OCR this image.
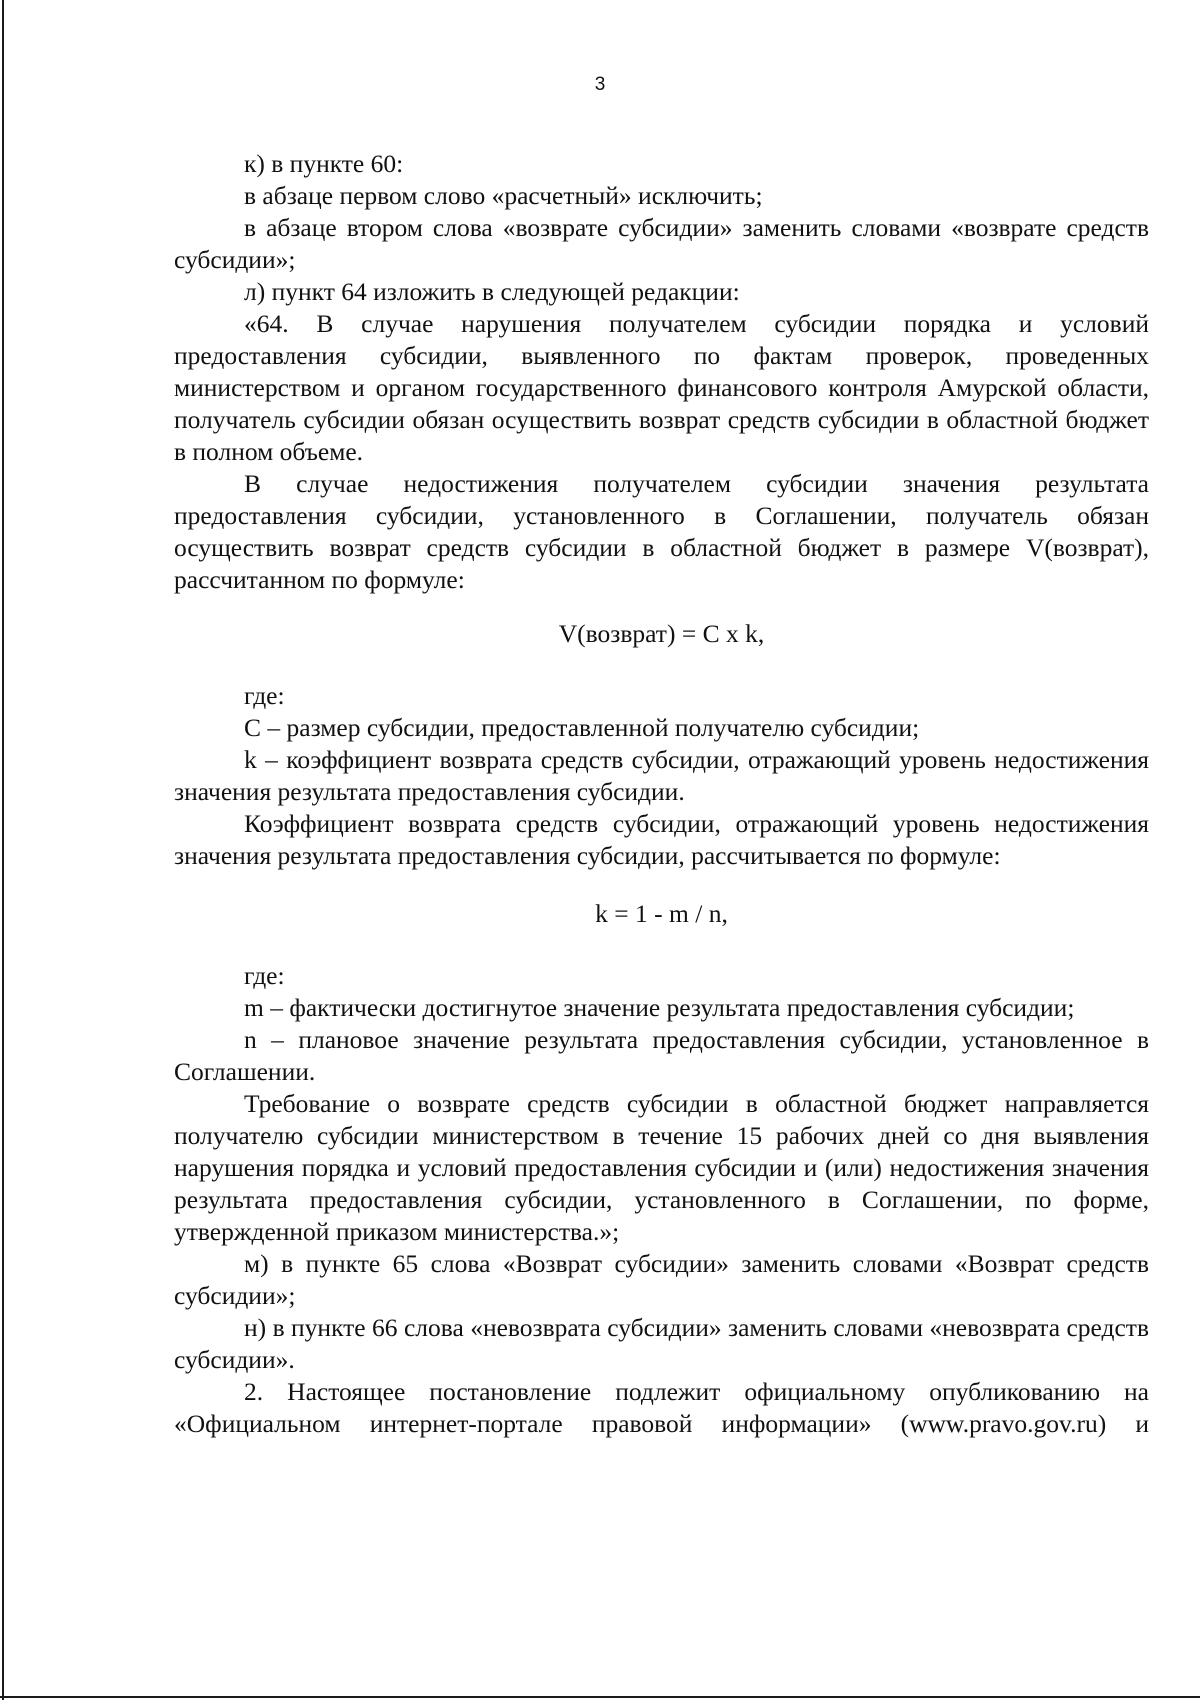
3

к) в пункте 60:

в абзаце первом слово «расчетный» исключить;

в абзаце втором слова «возврате субсидии» заменить словами «возврате средств субсидии»;

л) пункт 64 изложить в следующей редакции:

«64. В случае нарушения получателем субсидии порядка и условий предоставления субсидии, выявленного по фактам проверок, проведенных министерством и органом государственного финансового контроля Амурской области, получатель субсидии обязан осуществить возврат средств субсидии в областной бюджет в полном объеме.

В случае недостижения получателем субсидии значения результата предоставления субсидии, установленного в Соглашении, получатель обязан осуществить возврат средств субсидии в областной бюджет в размере V(возврат), рассчитанном по формуле:

V(возврат) = C x k,

где:

C – размер субсидии, предоставленной получателю субсидии;

k – коэффициент возврата средств субсидии, отражающий уровень недостижения значения результата предоставления субсидии.

Коэффициент возврата средств субсидии, отражающий уровень недостижения значения результата предоставления субсидии, рассчитывается по формуле:

k = 1 - m / n,

где:

m – фактически достигнутое значение результата предоставления субсидии;

n – плановое значение результата предоставления субсидии, установленное в Соглашении.

Требование о возврате средств субсидии в областной бюджет направляется получателю субсидии министерством в течение 15 рабочих дней со дня выявления нарушения порядка и условий предоставления субсидии и (или) недостижения значения результата предоставления субсидии, установленного в Соглашении, по форме, утвержденной приказом министерства.»;

м) в пункте 65 слова «Возврат субсидии» заменить словами «Возврат средств субсидии»;

н) в пункте 66 слова «невозврата субсидии» заменить словами «невозврата средств субсидии».

2. Настоящее постановление подлежит официальному опубликованию на «Официальном интернет-портале правовой информации» (www.pravo.gov.ru) и
